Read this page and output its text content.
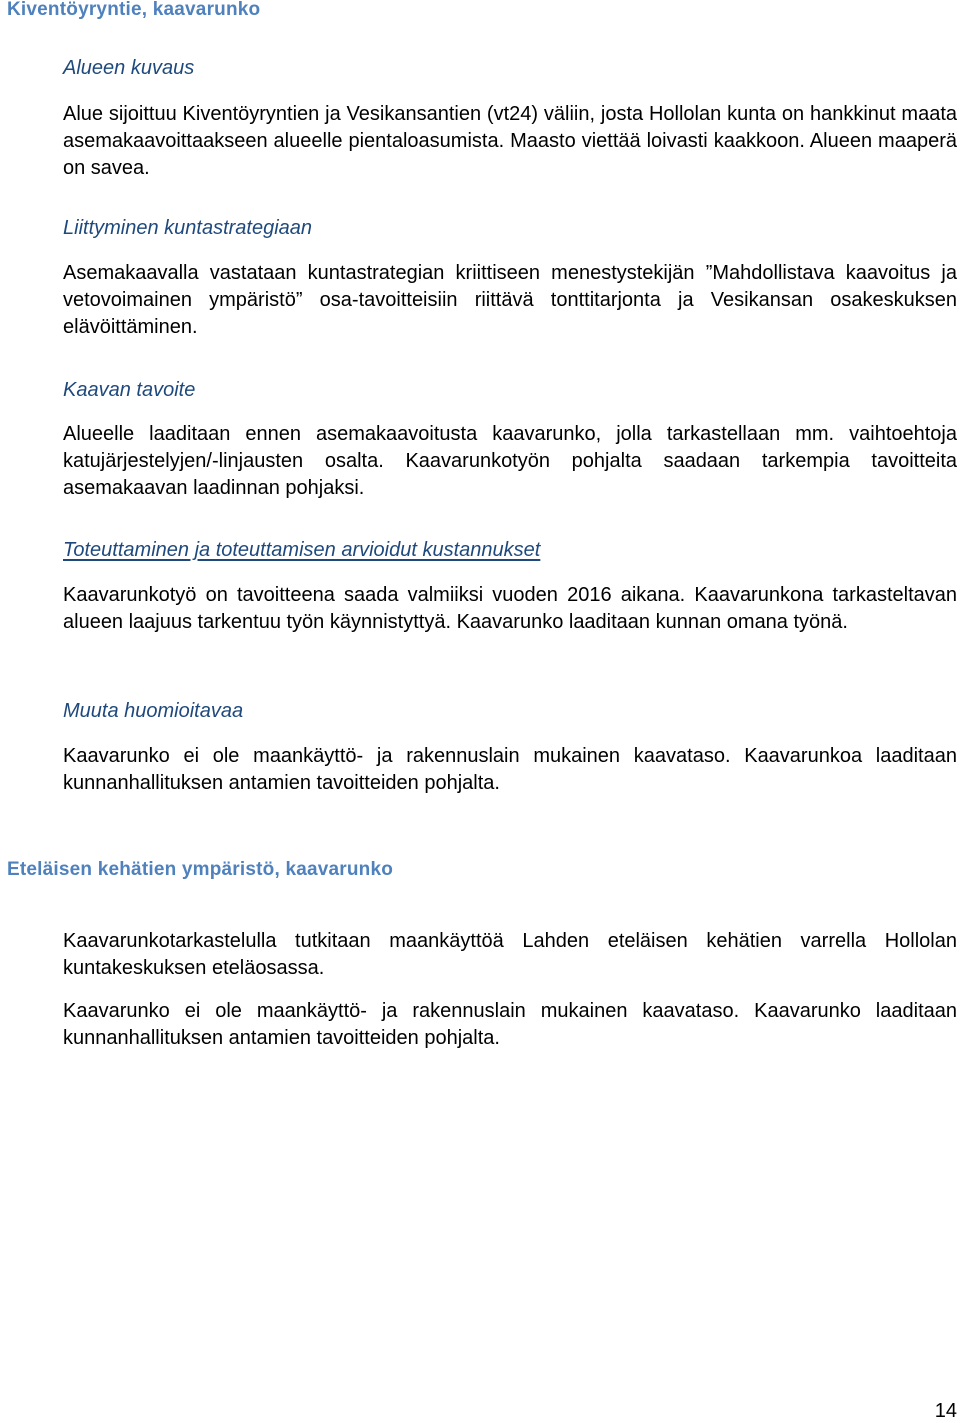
Kiventöyryntie, kaavarunko

Alueen kuvaus

Alue sijoittuu Kiventöyryntien ja Vesikansantien (vt24) väliin, josta Hollolan kunta on hankkinut maata asemakaavoittaakseen alueelle pientaloasumista. Maasto viettää loivasti kaakkoon. Alueen maaperä on savea.

Liittyminen kuntastrategiaan

Asemakaavalla vastataan kuntastrategian kriittiseen menestystekijän ”Mahdollistava kaavoitus ja vetovoimainen ympäristö” osa-tavoitteisiin riittävä tonttitarjonta ja Vesikansan osakeskuksen elävöittäminen.

Kaavan tavoite

Alueelle laaditaan ennen asemakaavoitusta kaavarunko, jolla tarkastellaan mm. vaihtoehtoja katujärjestelyjen/-linjausten osalta. Kaavarunkotyön pohjalta saadaan tarkempia tavoitteita asemakaavan laadinnan pohjaksi.

Toteuttaminen ja toteuttamisen arvioidut kustannukset

Kaavarunkotyö on tavoitteena saada valmiiksi vuoden 2016 aikana. Kaavarunkona tarkasteltavan alueen laajuus tarkentuu työn käynnistyttyä. Kaavarunko laaditaan kunnan omana työnä.

Muuta huomioitavaa

Kaavarunko ei ole maankäyttö- ja rakennuslain mukainen kaavataso. Kaavarunkoa laaditaan kunnanhallituksen antamien tavoitteiden pohjalta.

Eteläisen kehätien ympäristö, kaavarunko

Kaavarunkotarkastelulla tutkitaan maankäyttöä Lahden eteläisen kehätien varrella Hollolan kuntakeskuksen eteläosassa.

Kaavarunko ei ole maankäyttö- ja rakennuslain mukainen kaavataso. Kaavarunko laaditaan kunnanhallituksen antamien tavoitteiden pohjalta.

14
